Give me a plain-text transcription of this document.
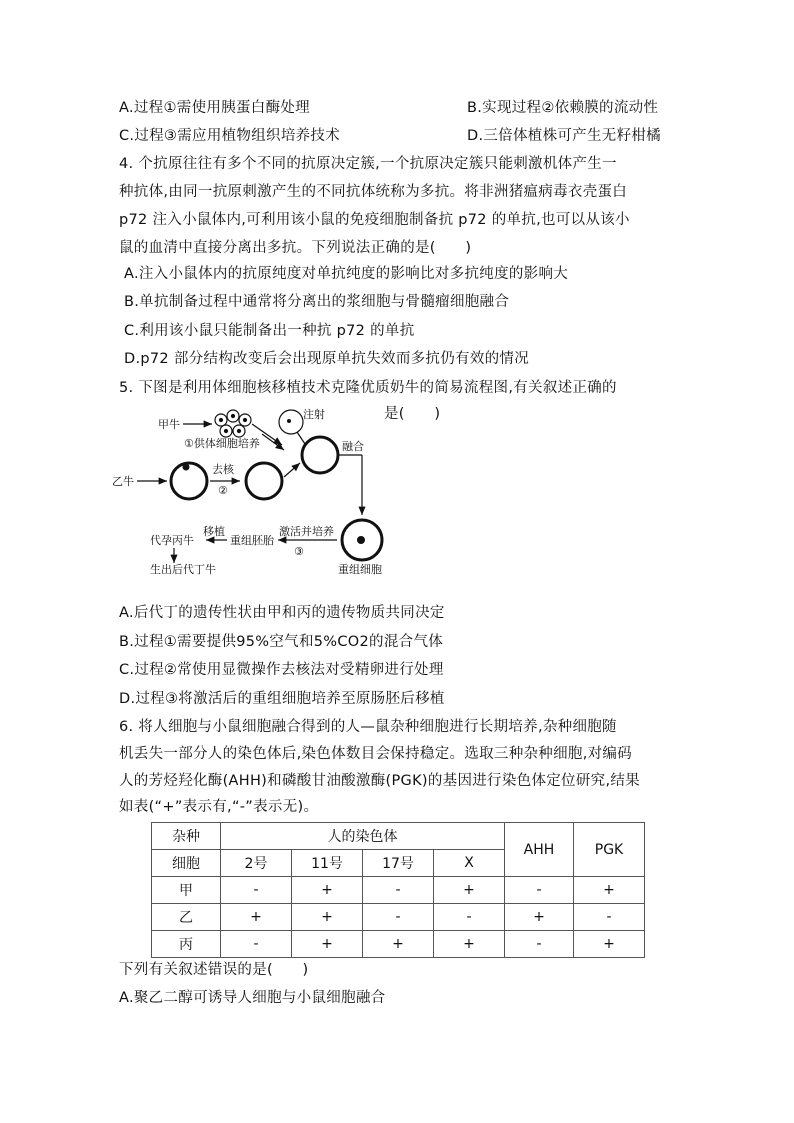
A.过程①需使用胰蛋白酶处理	B.实现过程②依赖膜的流动性
C.过程③需应用植物组织培养技术	D.三倍体植株可产生无籽柑橘
4. 个抗原往往有多个不同的抗原决定簇,一个抗原决定簇只能刺激机体产生一
种抗体,由同一抗原刺激产生的不同抗体统称为多抗。将非洲猪瘟病毒衣壳蛋白
p72 注入小鼠体内,可利用该小鼠的免疫细胞制备抗 p72 的单抗,也可以从该小
鼠的血清中直接分离出多抗。下列说法正确的是(　　)
A.注入小鼠体内的抗原纯度对单抗纯度的影响比对多抗纯度的影响大
B.单抗制备过程中通常将分离出的浆细胞与骨髓瘤细胞融合
C.利用该小鼠只能制备出一种抗 p72 的单抗
D.p72 部分结构改变后会出现原单抗失效而多抗仍有效的情况
5. 下图是利用体细胞核移植技术克隆优质奶牛的简易流程图,有关叙述正确的
是(　　)
甲牛
①供体细胞培养
注射
乙牛
去核
②
融合
重组细胞
激活并培养
③
重组胚胎
移植
代孕丙牛
生出后代丁牛
A.后代丁的遗传性状由甲和丙的遗传物质共同决定
B.过程①需要提供95%空气和5%CO2的混合气体
C.过程②常使用显微操作去核法对受精卵进行处理
D.过程③将激活后的重组细胞培养至原肠胚后移植
6. 将人细胞与小鼠细胞融合得到的人—鼠杂种细胞进行长期培养,杂种细胞随
机丢失一部分人的染色体后,染色体数目会保持稳定。选取三种杂种细胞,对编码
人的芳烃羟化酶(AHH)和磷酸甘油酸激酶(PGK)的基因进行染色体定位研究,结果
如表(“+”表示有,“-”表示无)。
杂种	人的染色体				AHH	PGK
细胞	2号	11号	17号	X		
甲	-	+	-	+	-	+
乙	+	+	-	-	+	-
丙	-	+	+	+	-	+
下列有关叙述错误的是(　　)
A.聚乙二醇可诱导人细胞与小鼠细胞融合
